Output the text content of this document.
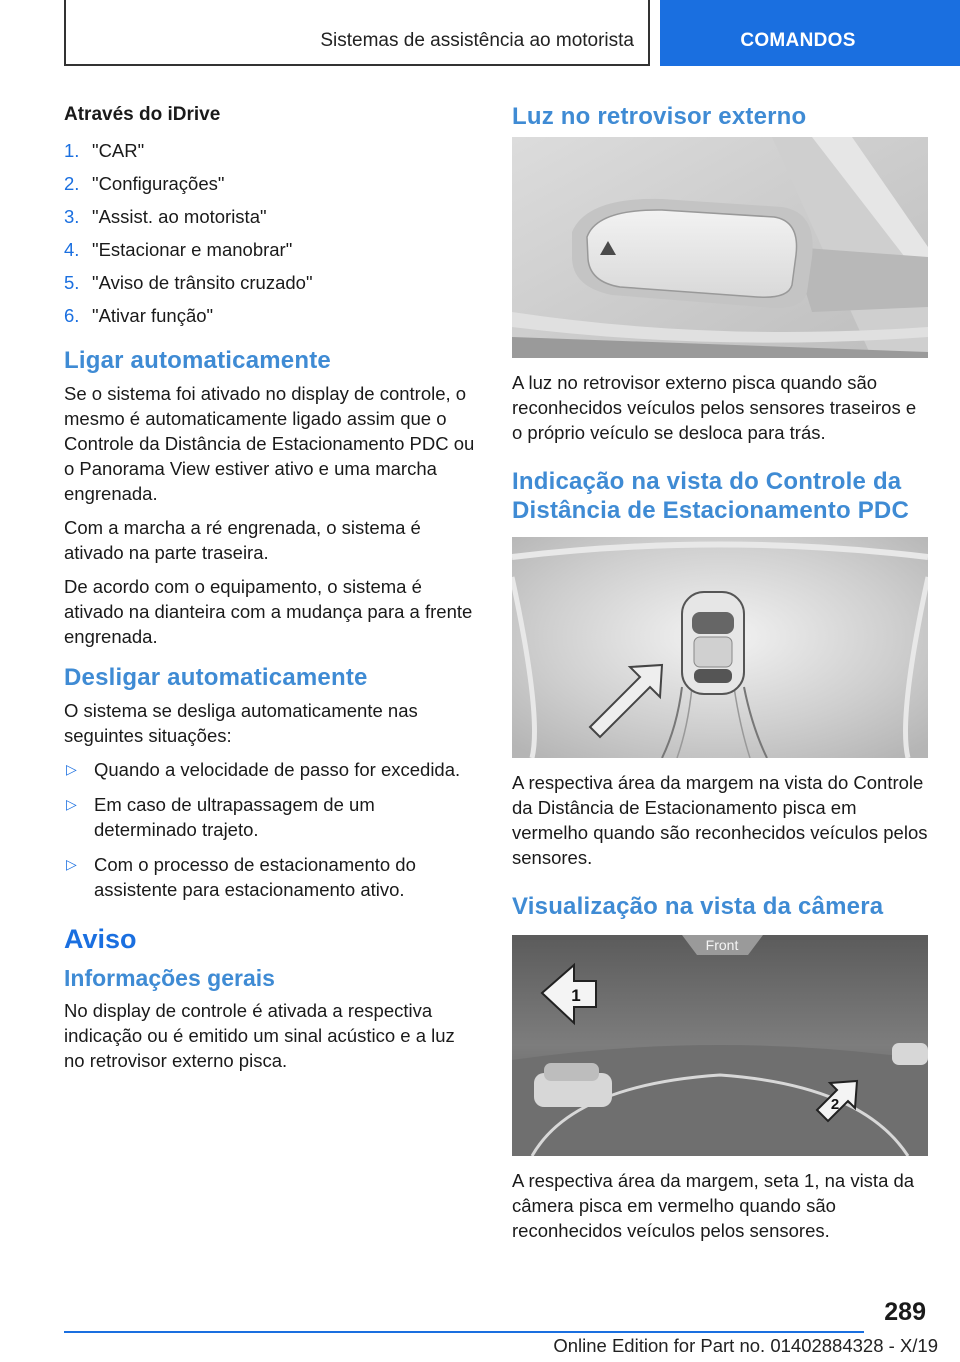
Sistemas de assistência ao motorista	COMANDOS
Através do iDrive
1. "CAR"
2. "Configurações"
3. "Assist. ao motorista"
4. "Estacionar e manobrar"
5. "Aviso de trânsito cruzado"
6. "Ativar função"
Ligar automaticamente

Se o sistema foi ativado no display de controle, o mesmo é automaticamente ligado assim que o Controle da Distância de Estacionamento PDC ou o Panorama View estiver ativo e uma marcha engrenada.

Com a marcha a ré engrenada, o sistema é ativado na parte traseira.

De acordo com o equipamento, o sistema é ativado na dianteira com a mudança para a frente engrenada.

Desligar automaticamente

O sistema se desliga automaticamente nas seguintes situações:

▷ Quando a velocidade de passo for excedida.
▷ Em caso de ultrapassagem de um determinado trajeto.
▷ Com o processo de estacionamento do assistente para estacionamento ativo.
Aviso
Informações gerais

No display de controle é ativada a respectiva indicação ou é emitido um sinal acústico e a luz no retrovisor externo pisca.

Luz no retrovisor externo

A luz no retrovisor externo pisca quando são reconhecidos veículos pelos sensores traseiros e o próprio veículo se desloca para trás.

Indicação na vista do Controle da Distância de Estacionamento PDC

A respectiva área da margem na vista do Controle da Distância de Estacionamento pisca em vermelho quando são reconhecidos veículos pelos sensores.

Visualização na vista da câmera
Front
1
2

A respectiva área da margem, seta 1, na vista da câmera pisca em vermelho quando são reconhecidos veículos pelos sensores.

289
Online Edition for Part no. 01402884328 - X/19
